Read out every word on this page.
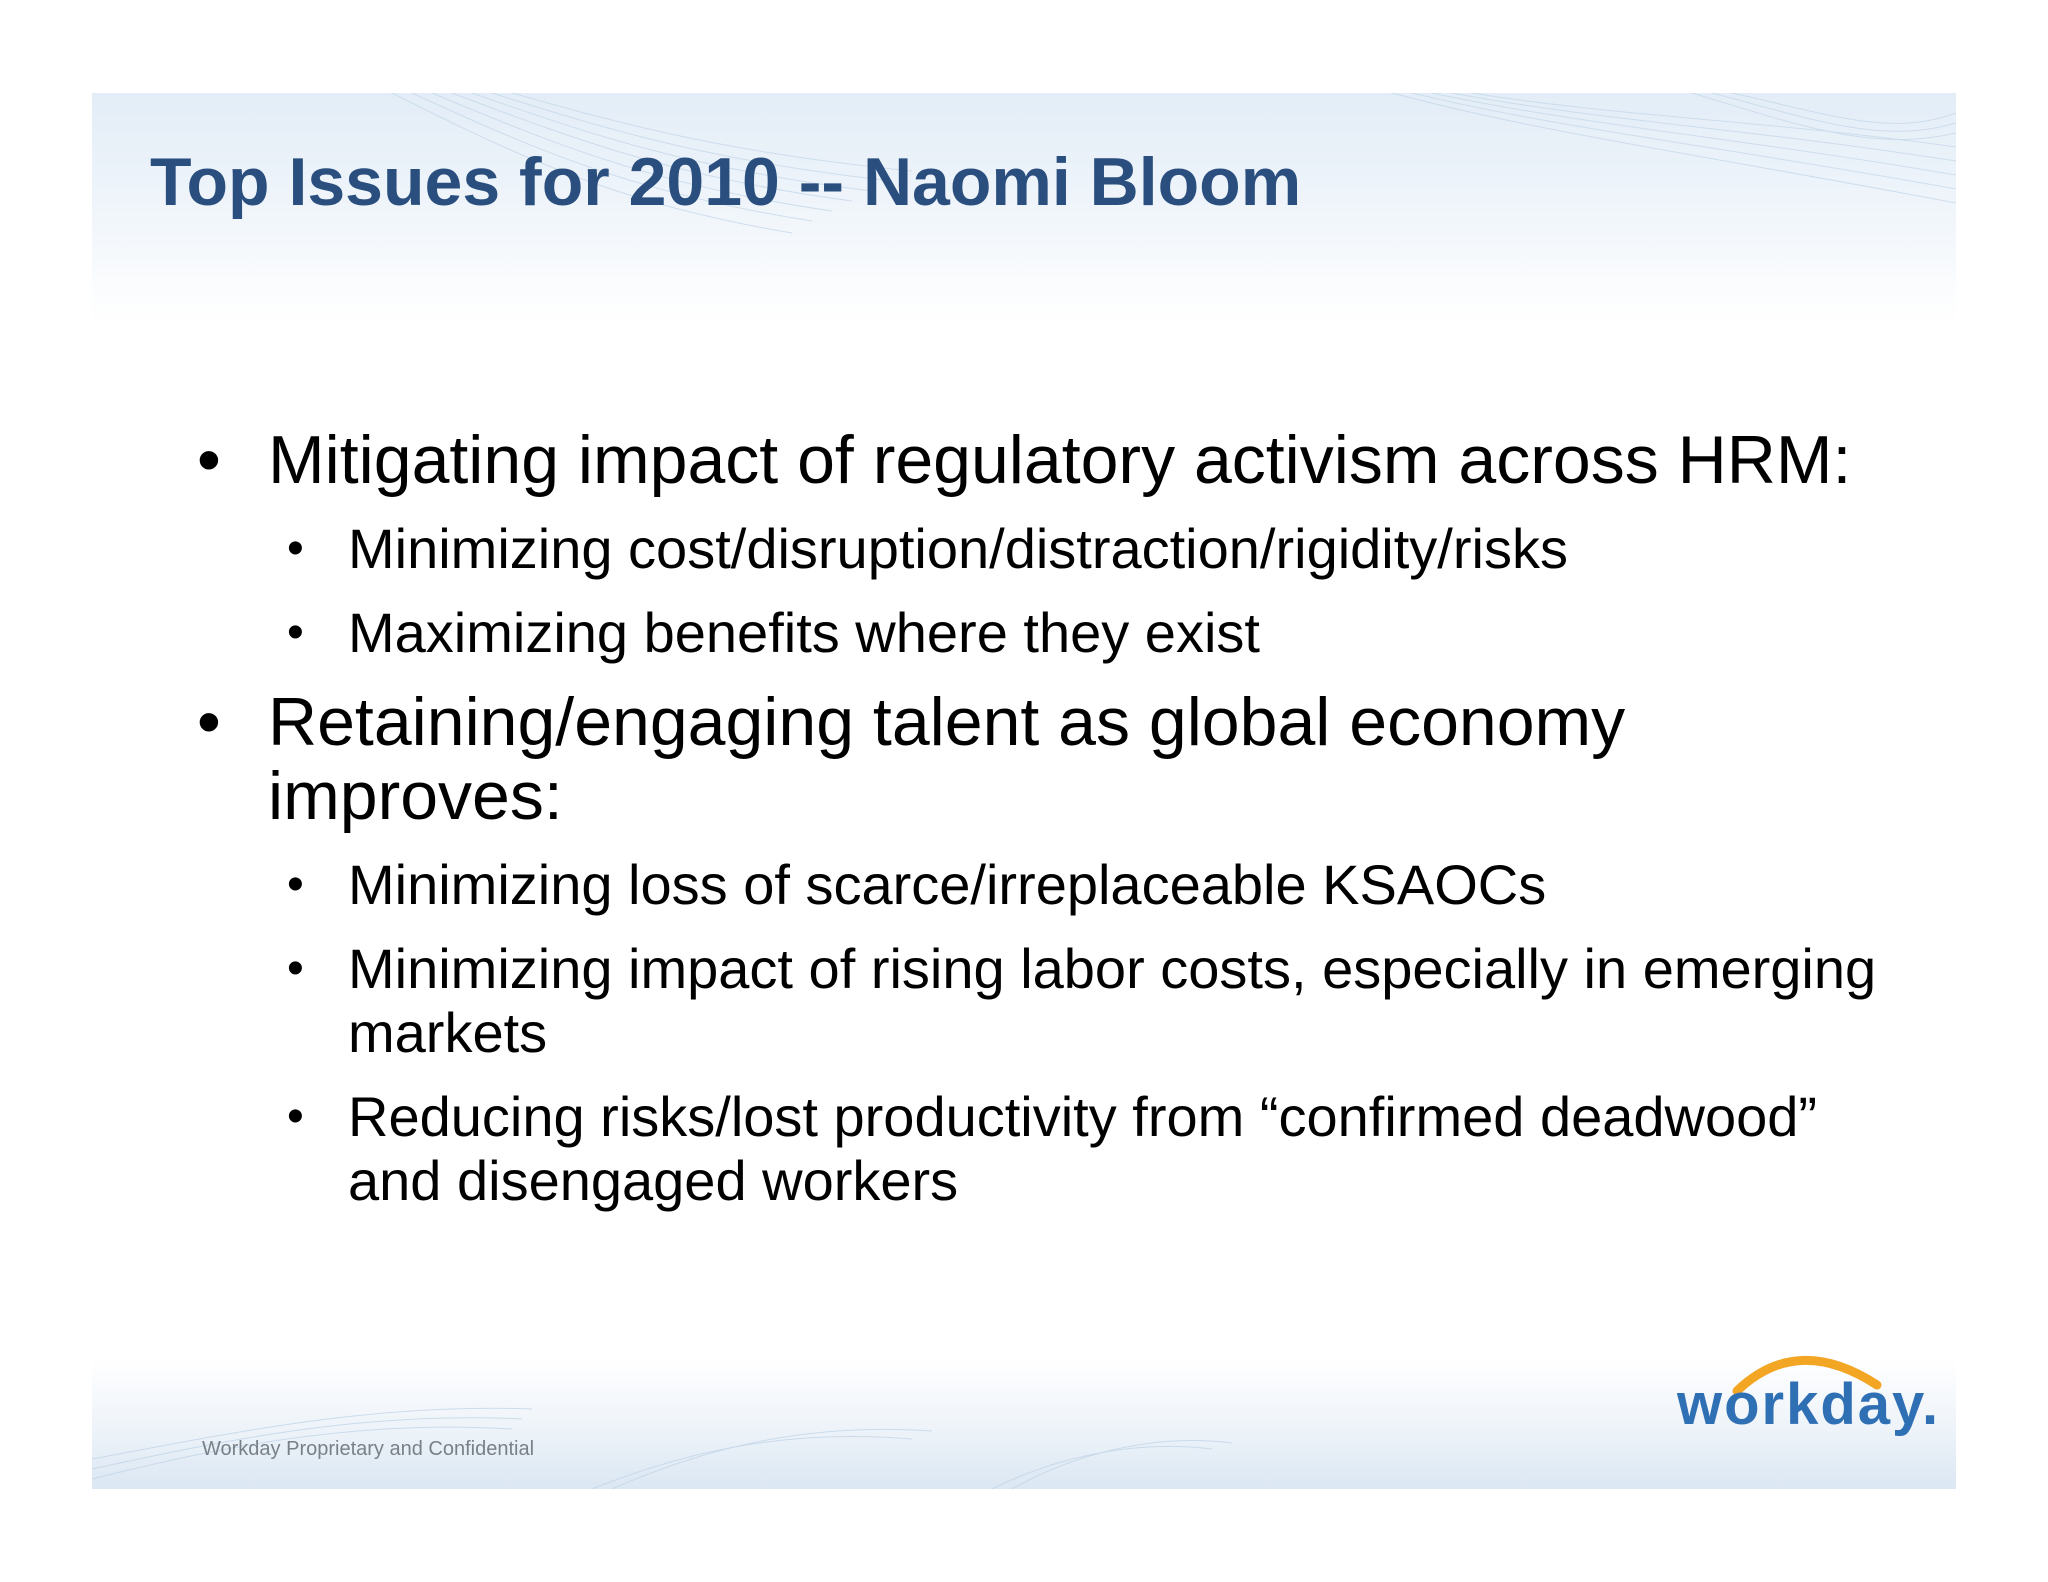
Top Issues for 2010 -- Naomi Bloom
• Mitigating impact of regulatory activism across HRM:
• Minimizing cost/disruption/distraction/rigidity/risks
• Maximizing benefits where they exist
• Retaining/engaging talent as global economy improves:
• Minimizing loss of scarce/irreplaceable KSAOCs
• Minimizing impact of rising labor costs, especially in emerging markets
• Reducing risks/lost productivity from “confirmed deadwood” and disengaged workers
Workday Proprietary and Confidential
workday.
